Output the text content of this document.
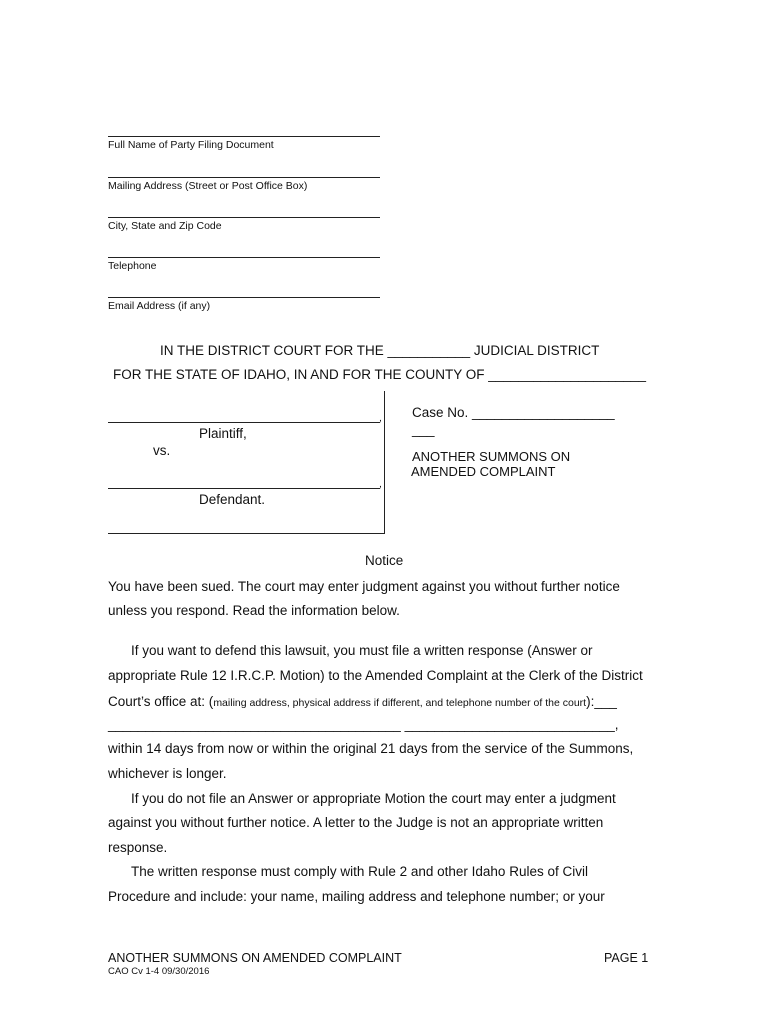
Full Name of Party Filing Document
Mailing Address (Street or Post Office Box)
City, State and Zip Code
Telephone
Email Address (if any)
IN THE DISTRICT COURT FOR THE ___________ JUDICIAL DISTRICT
FOR THE STATE OF IDAHO, IN AND FOR THE COUNTY OF _____________________
,
Plaintiff,
vs.
,
Defendant.
Case No. ___________________
___
ANOTHER SUMMONS ON
AMENDED COMPLAINT
Notice
You have been sued. The court may enter judgment against you without further notice
unless you respond. Read the information below.
If you want to defend this lawsuit, you must file a written response (Answer or
appropriate Rule 12 I.R.C.P. Motion) to the Amended Complaint at the Clerk of the District
Court’s office at: (mailing address, physical address if different, and telephone number of the court):___
_______________________________________ ____________________________,
within 14 days from now or within the original 21 days from the service of the Summons,
whichever is longer.
If you do not file an Answer or appropriate Motion the court may enter a judgment
against you without further notice. A letter to the Judge is not an appropriate written
response.
The written response must comply with Rule 2 and other Idaho Rules of Civil
Procedure and include: your name, mailing address and telephone number; or your
ANOTHER SUMMONS ON AMENDED COMPLAINT	PAGE 1
CAO Cv 1-4 09/30/2016
